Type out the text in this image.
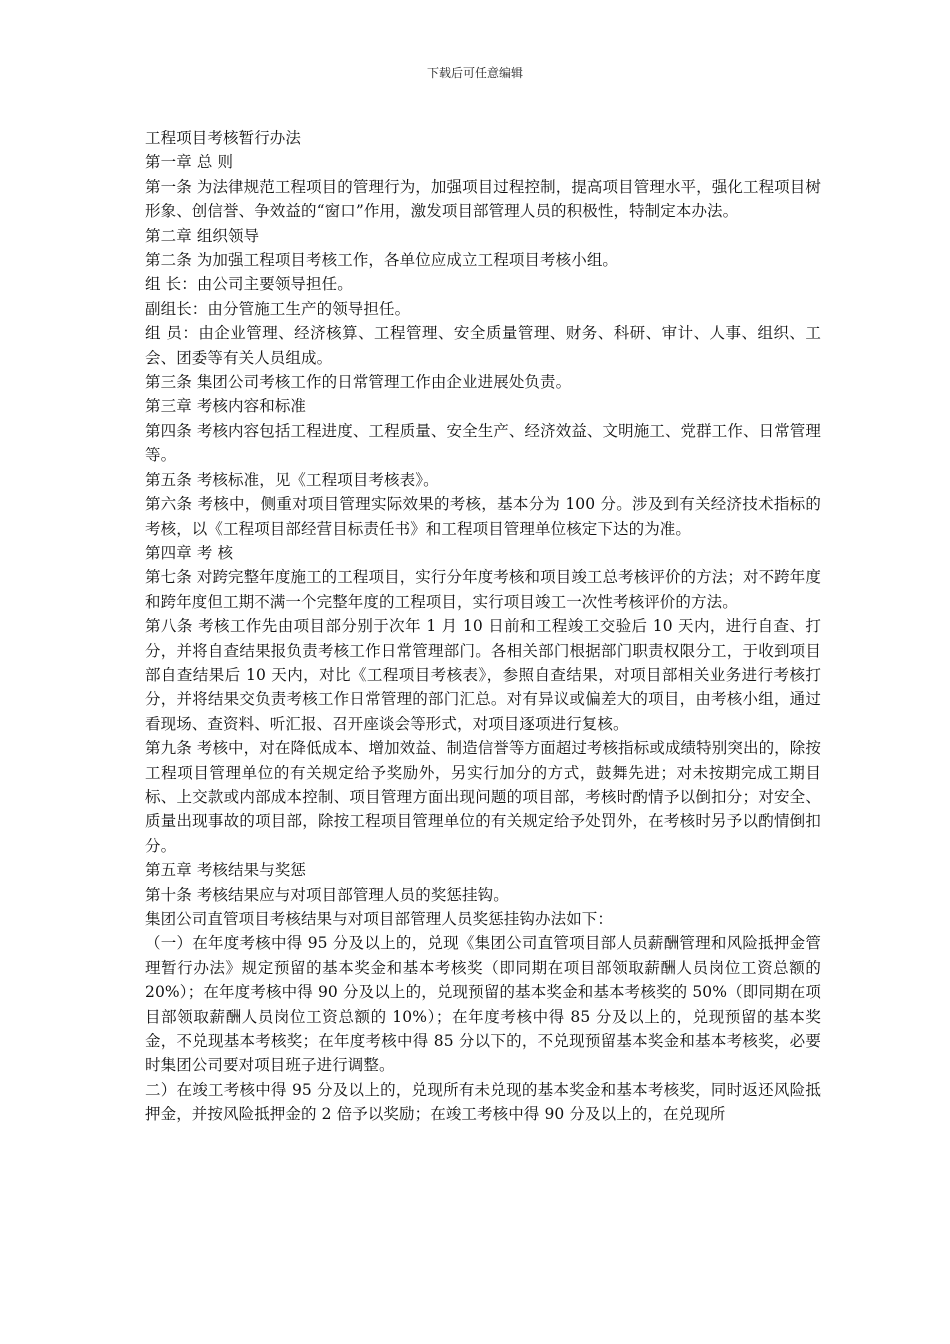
下载后可任意编辑

工程项目考核暂行办法

第一章 总 则

第一条 为法律规范工程项目的管理行为，加强项目过程控制，提高项目管理水平，强化工程项目树形象、创信誉、争效益的“窗口”作用，激发项目部管理人员的积极性，特制定本办法。

第二章 组织领导

第二条 为加强工程项目考核工作，各单位应成立工程项目考核小组。

组 长：由公司主要领导担任。

副组长：由分管施工生产的领导担任。

组 员：由企业管理、经济核算、工程管理、安全质量管理、财务、科研、审计、人事、组织、工会、团委等有关人员组成。

第三条 集团公司考核工作的日常管理工作由企业进展处负责。

第三章 考核内容和标准

第四条 考核内容包括工程进度、工程质量、安全生产、经济效益、文明施工、党群工作、日常管理等。

第五条 考核标准，见《工程项目考核表》。

第六条 考核中，侧重对项目管理实际效果的考核，基本分为 100 分。涉及到有关经济技术指标的考核，以《工程项目部经营目标责任书》和工程项目管理单位核定下达的为准。

第四章 考 核

第七条 对跨完整年度施工的工程项目，实行分年度考核和项目竣工总考核评价的方法；对不跨年度和跨年度但工期不满一个完整年度的工程项目，实行项目竣工一次性考核评价的方法。

第八条 考核工作先由项目部分别于次年 1 月 10 日前和工程竣工交验后 10 天内，进行自查、打分，并将自查结果报负责考核工作日常管理部门。各相关部门根据部门职责权限分工，于收到项目部自查结果后 10 天内，对比《工程项目考核表》，参照自查结果，对项目部相关业务进行考核打分，并将结果交负责考核工作日常管理的部门汇总。对有异议或偏差大的项目，由考核小组，通过看现场、查资料、听汇报、召开座谈会等形式，对项目逐项进行复核。

第九条 考核中，对在降低成本、增加效益、制造信誉等方面超过考核指标或成绩特别突出的，除按工程项目管理单位的有关规定给予奖励外，另实行加分的方式，鼓舞先进；对未按期完成工期目标、上交款或内部成本控制、项目管理方面出现问题的项目部，考核时酌情予以倒扣分；对安全、质量出现事故的项目部，除按工程项目管理单位的有关规定给予处罚外，在考核时另予以酌情倒扣分。

第五章 考核结果与奖惩

第十条 考核结果应与对项目部管理人员的奖惩挂钩。

集团公司直管项目考核结果与对项目部管理人员奖惩挂钩办法如下：

（一）在年度考核中得 95 分及以上的，兑现《集团公司直管项目部人员薪酬管理和风险抵押金管理暂行办法》规定预留的基本奖金和基本考核奖（即同期在项目部领取薪酬人员岗位工资总额的 20%）；在年度考核中得 90 分及以上的，兑现预留的基本奖金和基本考核奖的 50%（即同期在项目部领取薪酬人员岗位工资总额的 10%）；在年度考核中得 85 分及以上的，兑现预留的基本奖金，不兑现基本考核奖；在年度考核中得 85 分以下的，不兑现预留基本奖金和基本考核奖，必要时集团公司要对项目班子进行调整。

二）在竣工考核中得 95 分及以上的，兑现所有未兑现的基本奖金和基本考核奖，同时返还风险抵押金，并按风险抵押金的 2 倍予以奖励；在竣工考核中得 90 分及以上的，在兑现所
